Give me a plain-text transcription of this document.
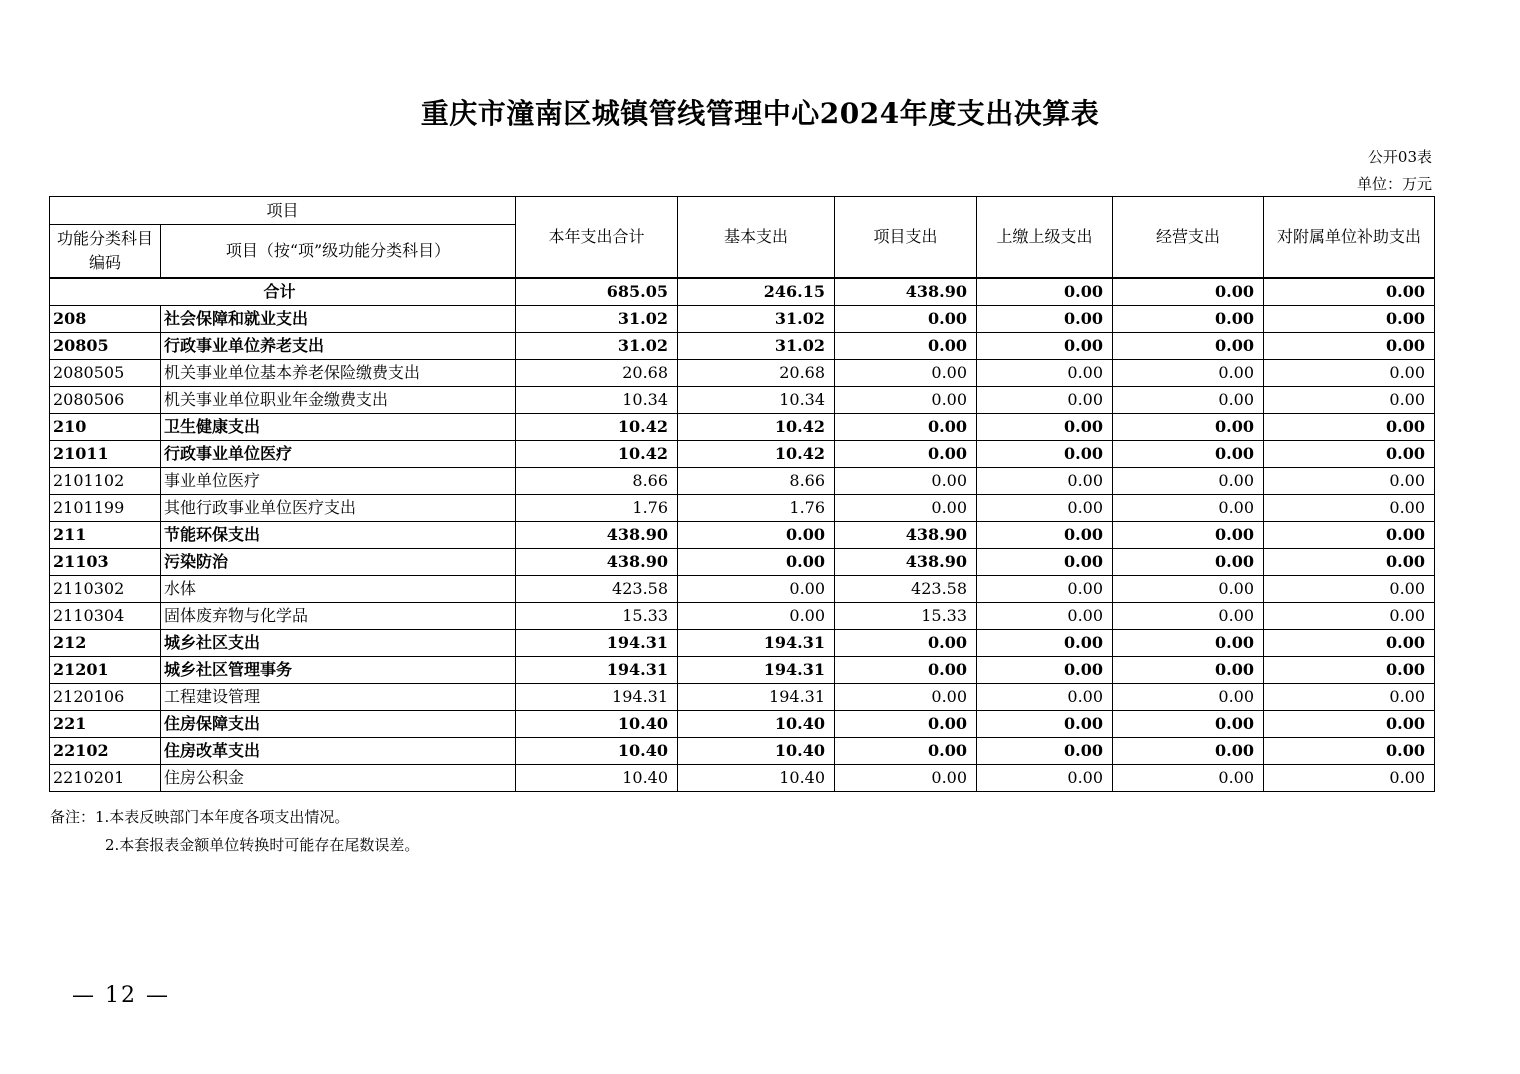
重庆市潼南区城镇管线管理中心2024年度支出决算表
公开03表
单位：万元
项目		本年支出合计	基本支出	项目支出	上缴上级支出	经营支出	对附属单位补助支出
功能分类科目编码	项目（按“项”级功能分类科目）						
合计		685.05	246.15	438.90	0.00	0.00	0.00
208	社会保障和就业支出	31.02	31.02	0.00	0.00	0.00	0.00
20805	行政事业单位养老支出	31.02	31.02	0.00	0.00	0.00	0.00
2080505	机关事业单位基本养老保险缴费支出	20.68	20.68	0.00	0.00	0.00	0.00
2080506	机关事业单位职业年金缴费支出	10.34	10.34	0.00	0.00	0.00	0.00
210	卫生健康支出	10.42	10.42	0.00	0.00	0.00	0.00
21011	行政事业单位医疗	10.42	10.42	0.00	0.00	0.00	0.00
2101102	事业单位医疗	8.66	8.66	0.00	0.00	0.00	0.00
2101199	其他行政事业单位医疗支出	1.76	1.76	0.00	0.00	0.00	0.00
211	节能环保支出	438.90	0.00	438.90	0.00	0.00	0.00
21103	污染防治	438.90	0.00	438.90	0.00	0.00	0.00
2110302	水体	423.58	0.00	423.58	0.00	0.00	0.00
2110304	固体废弃物与化学品	15.33	0.00	15.33	0.00	0.00	0.00
212	城乡社区支出	194.31	194.31	0.00	0.00	0.00	0.00
21201	城乡社区管理事务	194.31	194.31	0.00	0.00	0.00	0.00
2120106	工程建设管理	194.31	194.31	0.00	0.00	0.00	0.00
221	住房保障支出	10.40	10.40	0.00	0.00	0.00	0.00
22102	住房改革支出	10.40	10.40	0.00	0.00	0.00	0.00
2210201	住房公积金	10.40	10.40	0.00	0.00	0.00	0.00
备注：1.本表反映部门本年度各项支出情况。
2.本套报表金额单位转换时可能存在尾数误差。
— 12 —
